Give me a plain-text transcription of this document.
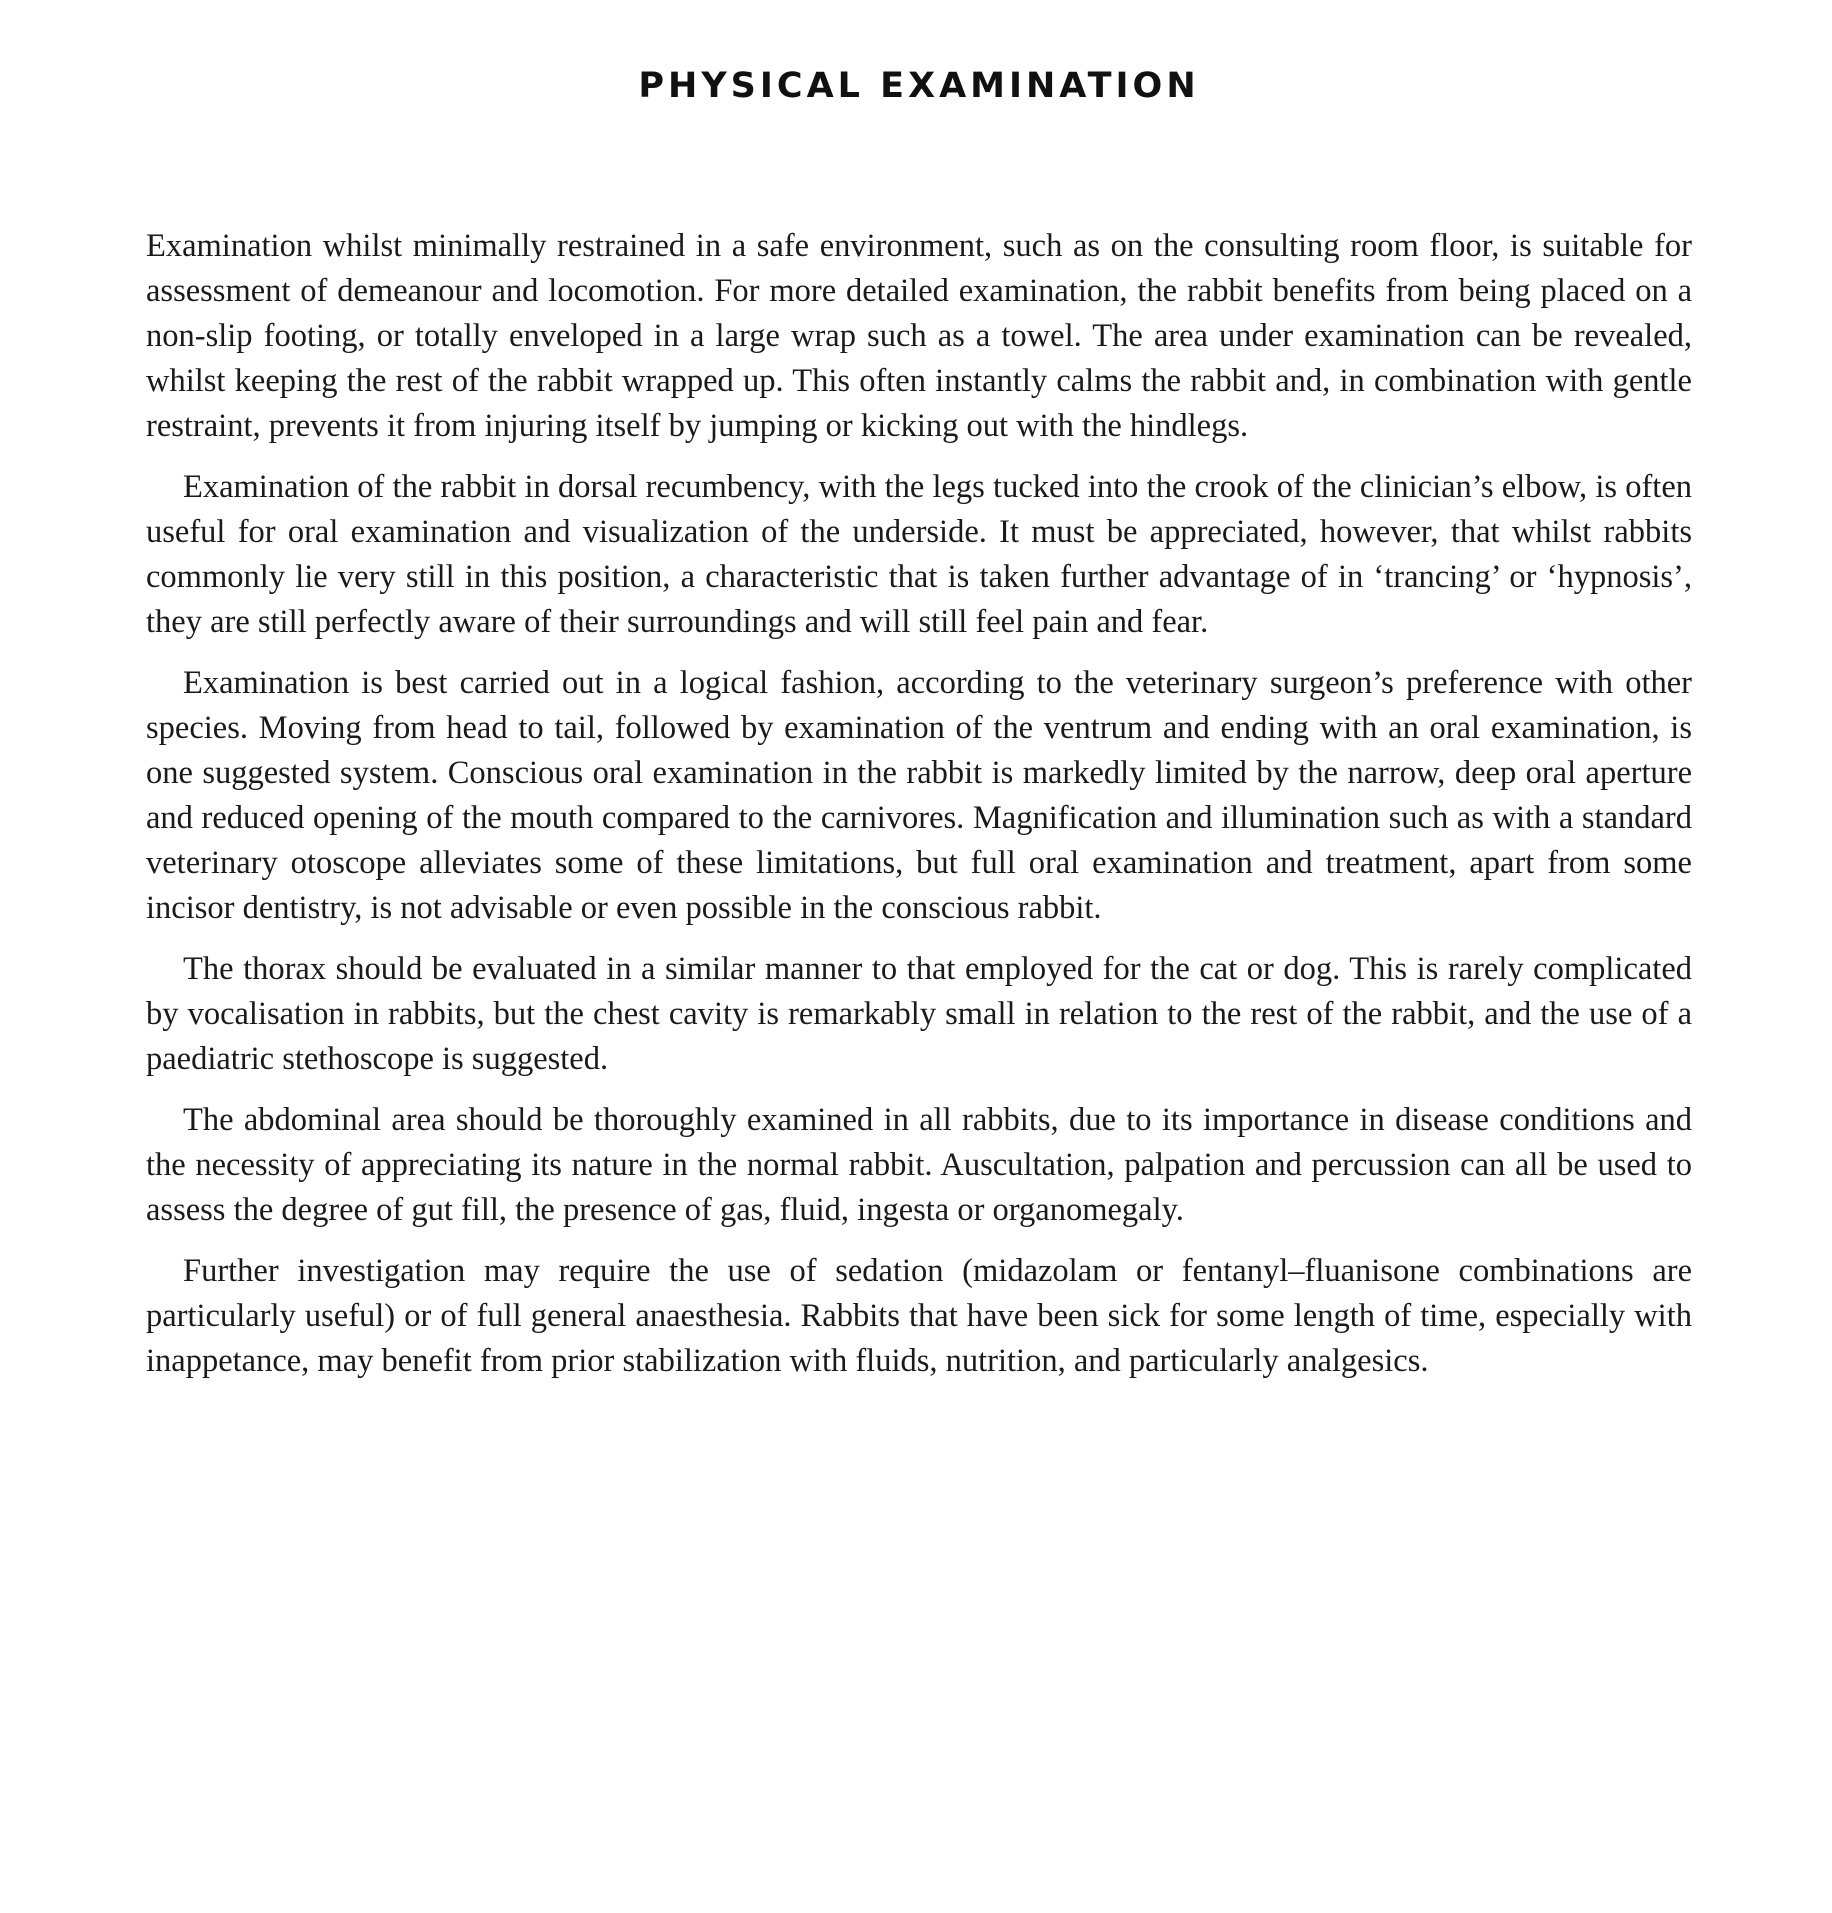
PHYSICAL EXAMINATION

Examination whilst minimally restrained in a safe environment, such as on the consulting room floor, is suitable for assessment of demeanour and locomotion. For more detailed examination, the rabbit benefits from being placed on a non-slip footing, or totally enveloped in a large wrap such as a towel. The area under examination can be revealed, whilst keeping the rest of the rabbit wrapped up. This often instantly calms the rabbit and, in combination with gentle restraint, prevents it from injuring itself by jumping or kicking out with the hindlegs.

Examination of the rabbit in dorsal recumbency, with the legs tucked into the crook of the clinician’s elbow, is often useful for oral examination and visualization of the underside. It must be appreciated, however, that whilst rabbits commonly lie very still in this position, a characteristic that is taken further advantage of in ‘trancing’ or ‘hypnosis’, they are still perfectly aware of their surroundings and will still feel pain and fear.

Examination is best carried out in a logical fashion, according to the veterinary surgeon’s preference with other species. Moving from head to tail, followed by examination of the ventrum and ending with an oral examination, is one suggested system. Conscious oral examination in the rabbit is markedly limited by the narrow, deep oral aperture and reduced opening of the mouth compared to the carnivores. Magnification and illumination such as with a standard veterinary otoscope alleviates some of these limitations, but full oral examination and treatment, apart from some incisor dentistry, is not advisable or even possible in the conscious rabbit.

The thorax should be evaluated in a similar manner to that employed for the cat or dog. This is rarely complicated by vocalisation in rabbits, but the chest cavity is remarkably small in relation to the rest of the rabbit, and the use of a paediatric stethoscope is suggested.

The abdominal area should be thoroughly examined in all rabbits, due to its importance in disease conditions and the necessity of appreciating its nature in the normal rabbit. Auscultation, palpation and percussion can all be used to assess the degree of gut fill, the presence of gas, fluid, ingesta or organomegaly.

Further investigation may require the use of sedation (midazolam or fentanyl–fluanisone combinations are particularly useful) or of full general anaesthesia. Rabbits that have been sick for some length of time, especially with inappetance, may benefit from prior stabilization with fluids, nutrition, and particularly analgesics.
